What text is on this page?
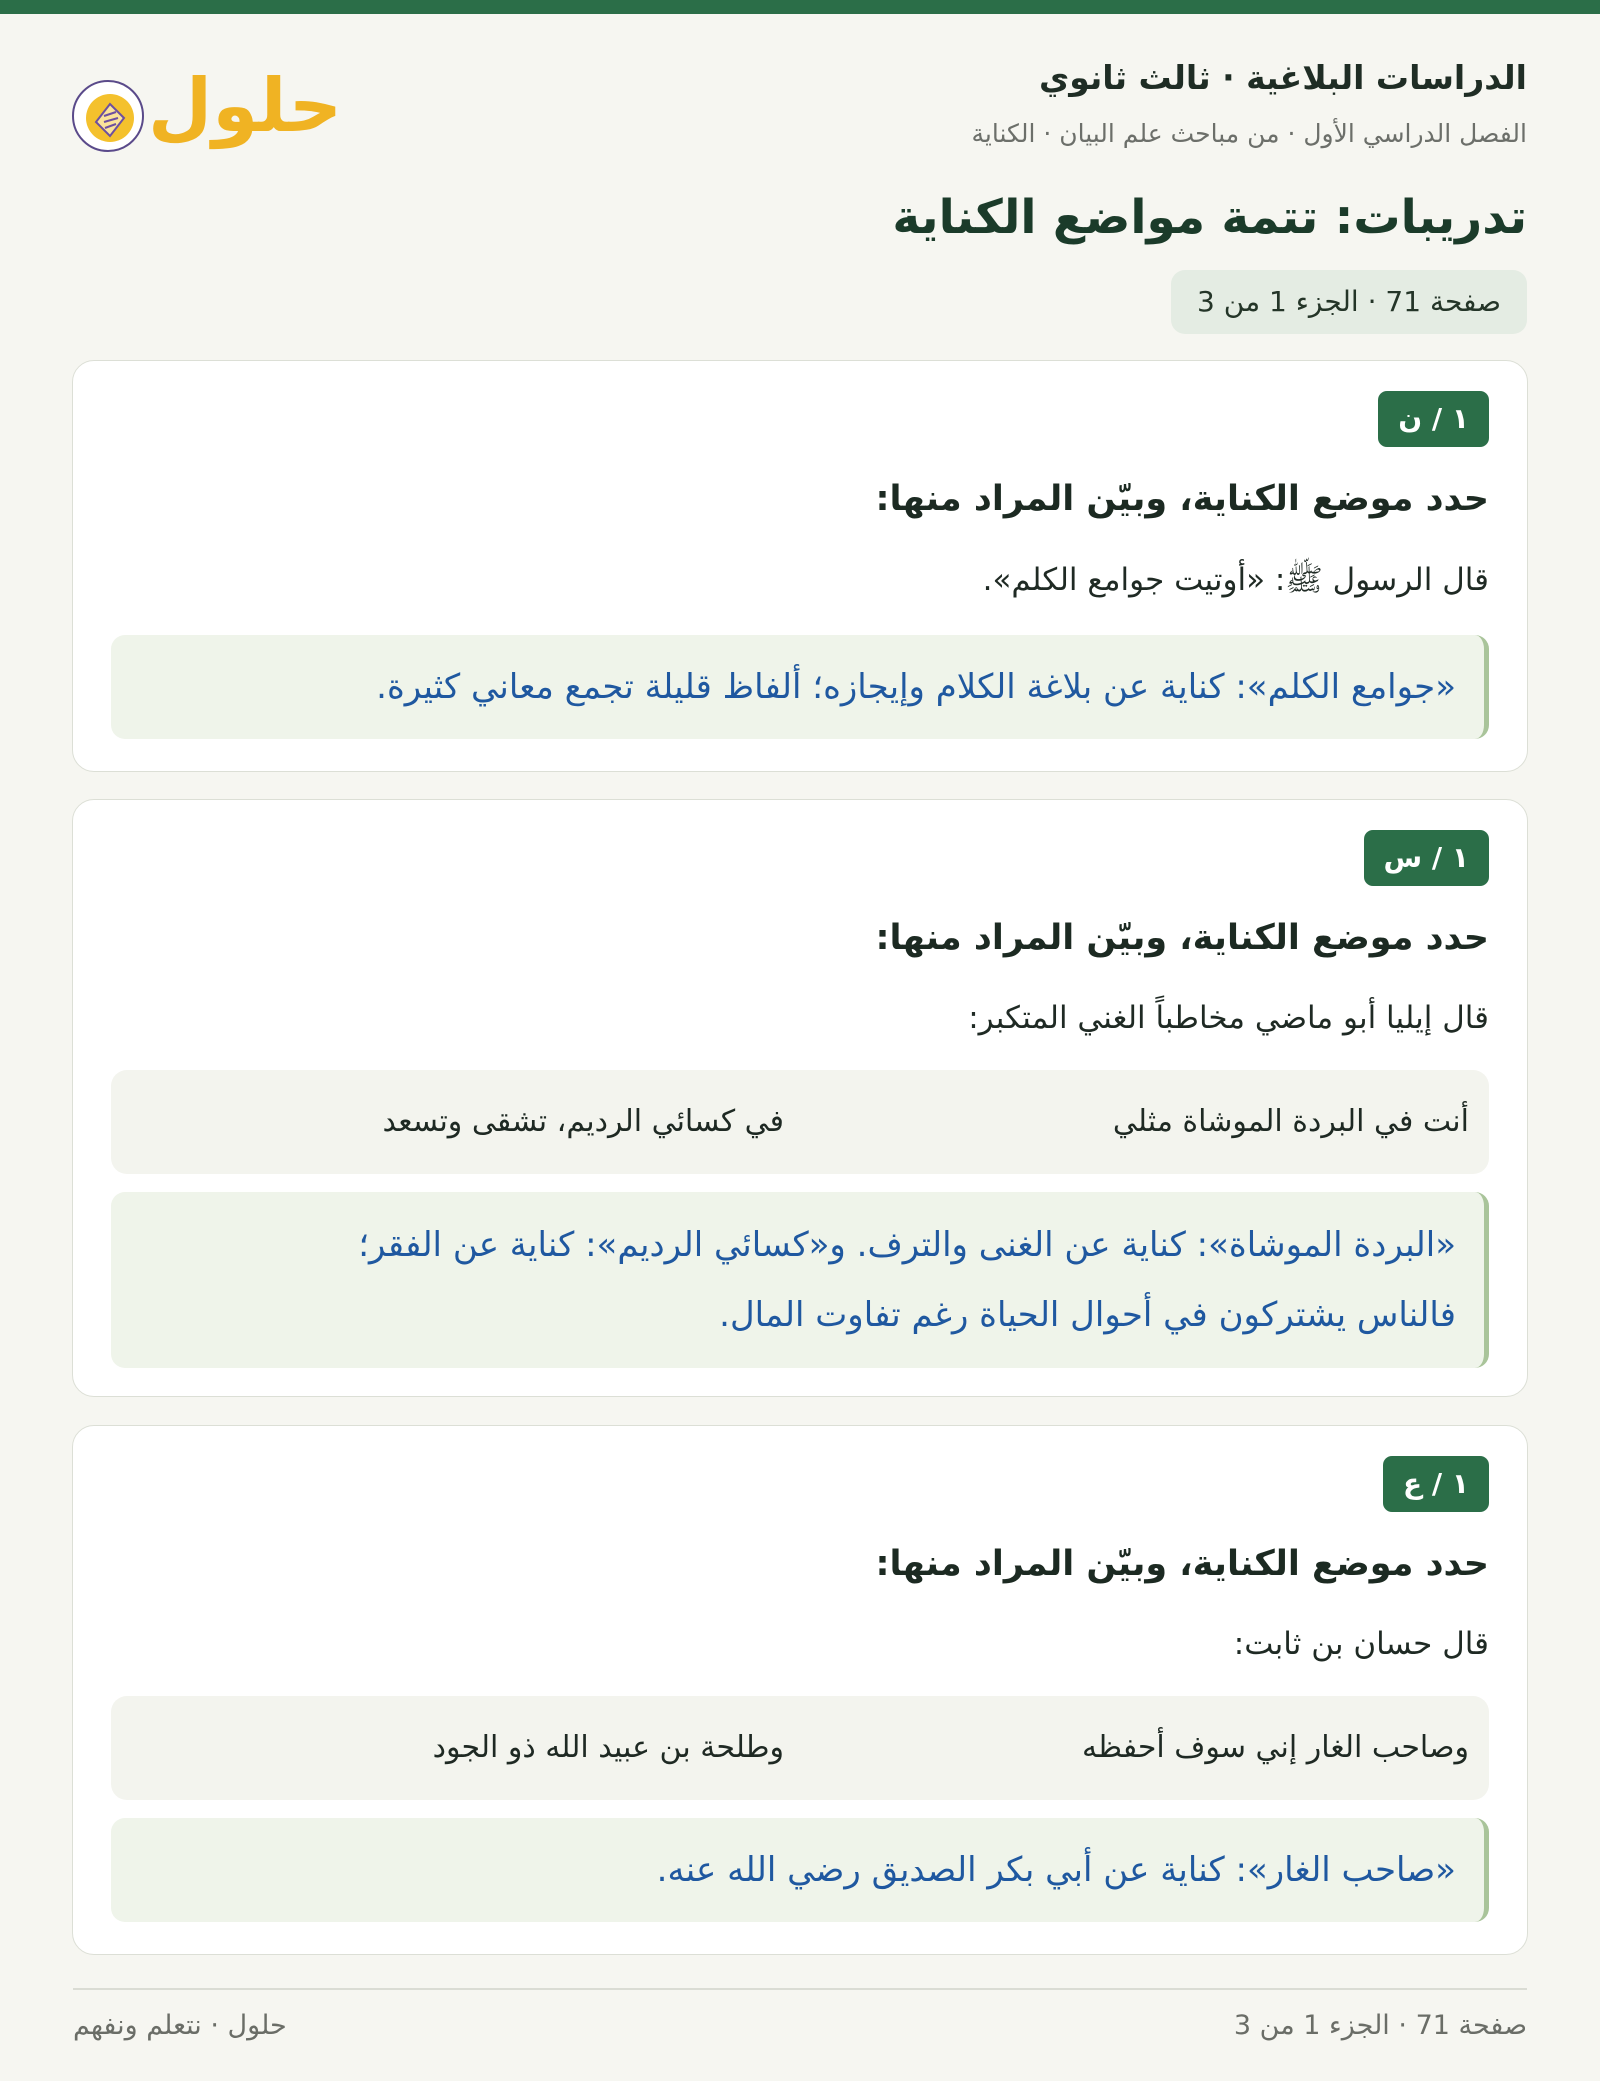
الدراسات البلاغية · ثالث ثانوي
الفصل الدراسي الأول · من مباحث علم البيان · الكناية
حلول
تدريبات: تتمة مواضع الكناية
صفحة 71 · الجزء 1 من 3
١ / ن
حدد موضع الكناية، وبيّن المراد منها:
قال الرسول ﷺ: «أوتيت جوامع الكلم».

«جوامع الكلم»: كناية عن بلاغة الكلام وإيجازه؛ ألفاظ قليلة تجمع معاني كثيرة.

١ / س
حدد موضع الكناية، وبيّن المراد منها:
قال إيليا أبو ماضي مخاطباً الغني المتكبر:
أنت في البردة الموشاة مثلي
في كسائي الرديم، تشقى وتسعد

«البردة الموشاة»: كناية عن الغنى والترف. و«كسائي الرديم»: كناية عن الفقر؛

فالناس يشتركون في أحوال الحياة رغم تفاوت المال.

١ / ع
حدد موضع الكناية، وبيّن المراد منها:
قال حسان بن ثابت:
وصاحب الغار إني سوف أحفظه
وطلحة بن عبيد الله ذو الجود

«صاحب الغار»: كناية عن أبي بكر الصديق رضي الله عنه.

صفحة 71 · الجزء 1 من 3
حلول · نتعلم ونفهم
